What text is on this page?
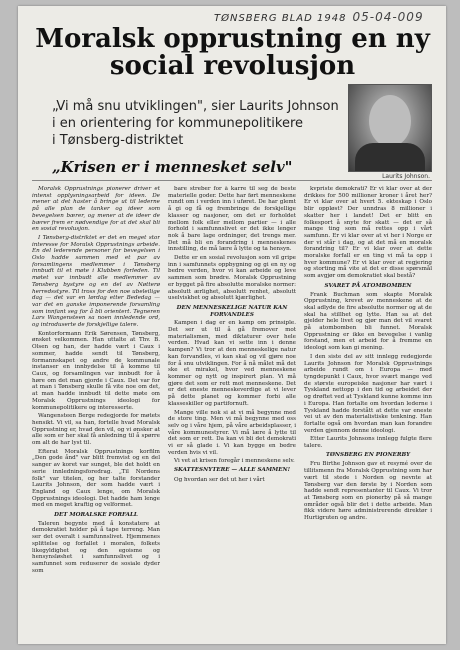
TØNSBERG BLAD 1948 05-04-009
Moralsk opprustning en ny
social revolusjon
„Vi må snu utviklingen", sier Laurits Johnson
i en orientering for kommunepolitikere
i Tønsberg-distriktet
Laurits Johnson.
„Krisen er i mennesket selv"

Moralsk Opprustnings pionerer driver et intenst opplysningsarbeid for ideen. De mener at det haster å bringe ut til lederne på alle plan de tanker og ideer som bevegelsen bærer, og mener at de ideer de bærer frem er nødvendige for at det skal bli en sosial revolusjon.

I Tønsberg-distriktet er det en meget stor interesse for Moralsk Opprustnings arbeide. En del lederende personer for bevegelsen i Oslo hadde sammen med et par av forsamlingens medlemmer i Tønsberg innbudt til et møte i Klubben forleden. Til møtet var innbudt alle medlemmer av Tønsberg bystyre og en del av Nøtterø herredsstyre. Til tross for den noe ubeleilige dag — det var en lørdag etter Bededag — var det en ganske imponerende forsamling som innfant seg for å bli orientert. Tegneren Lars Wangensteen sa noen innledende ord, og introduserte de forskjellige talere.

Kontorformann Erik Sørensen, Tønsberg, ønsket velkommen. Han uttalte at Thv. B. Olsen og han, der hadde vært i Caux i sommer, hadde sendt til Tønsberg, formannskapet og andre de kommunale instanser en innbydelse til å komme til Caux, og forsamlingen var innbudt for å høre om det man gjorde i Caux. Det var for at man i Tønsberg skulle få vite noe om det, at man hadde innbudt til dette møte om Moralsk Opprustnings ideologi for kommunepolitikere og interesserte.

Wangensteen Berge redegjorde for møtets hensikt. Vi vil, sa han, fortelle hvad Moralsk Opprustning er, hvad den vil, og vi ønsker at alle som er her skal få anledning til å spørre om alt de har lyst til.

Efterat Moralsk Opprustnings korfilm „Den gode ånd" var blitt fremvist og en del sanger av koret var sunget, ble det holdt en serie innledningsforedrag. „Til Nordens folk" var titelen, og her talte forstander Laurits Johnson, der som hadde vært i England og Caux lenge, om Moralsk Opprustnings ideologi. Det hadde ham lenge med en meget kraftig og velformet.

DET MORALSKE FORFALL

Taleren begynte med å konstatere at demokratiet holder på å tape terreng. Man ser det overalt i samfunnslivet. Hjemmenes splittelse og forfallet i moralen, folkets likegyldighet og den egoisme og hensynsløshet i samfunnslivet og i samfunnet som reduserer de sosiale dyder som

bare streber for å karre til seg de beste materielle goder. Dette har ført menneskene rundt om i verden inn i uføret. De har glemt å gi og få og frembringe de forskjellige klasser og nasjoner, om det er forholdet mellom folk eller mellom partier — i alle forhold i samfunnslivet er det ikke lenger nok å bare lage ordninger, det trengs mer. Det må bli en forandring i menneskenes innstilling, de må lære å lytte og ta hensyn.

Dette er en sosial revolusjon som vil gripe inn i samfunnets oppbygning og gi en ny og bedre verden, hvor vi kan arbeide og leve sammen som brødre. Moralsk Opprustning er bygget på fire absolutte moralske normer: absolutt ærlighet, absolutt renhet, absolutt uselviskhet og absolutt kjærlighet.

DEN MENNESKELIGE NATUR KAN FORVANDLES

Kampen i dag er en kamp om prinsiple. Det ser ut til å gå fremover mot materialismen, med diktaturer over hele verden. Hvad kan vi sette inn i denne kampen? Vi tror at den menneskelige natur kan forvandles, vi kan skal og vil gjøre noe for å snu utviklingen. For å nå målet må det ske et mirakel, hvor ved menneskene kommer og nytt og inspirert plan. Vi må gjøre det som er rett mot menneskene. Det er det eneste menneskeverdige at vi lever på dette planet og kommer forbi alle klasseskiller og partifornuft.

Mange ville nok si at vi må begynne med de store ting. Men vi må begynne med oss selv og i våre hjem, på våre arbeidsplasser, i våre kommunestyrer. Vi må lære å lytte til det som er rett. Da kan vi bli det demokrati vi er så glade i. Vi kan bygge en bedre verden hvis vi vil.

Vi vet at krisen foregår i menneskene selv.

SKATTESNYTERE — ALLE SAMMEN!

Og hvordan ser det ut her i vårt

kvpriste demokrati? Er vi klar over at der drikkes for 500 millioner kroner i året her? Er vi klar over at hvert 5. ekteskap i Oslo blir oppløst? Der unndras 8 millioner i skatter her i landet! Det er blitt en folkesport å snyte for skatt — det er så mange ting som må rettes opp i vårt samfunn. Er vi klar over at vi her i Norge er der vi står i dag, og at det må en moralsk forandring til? Er vi klar over at dette moralske forfall er en ting vi må ta opp i hver kommune? Er vi klar over at regjering og storting må vite at det er disse spørsmål som avgjør om demokratiet skal bestå?

SVARET PÅ ATOMBOMBEN

Frank Buchman som skapte Moralsk Opprustning, krevet av menneskene at de skal adlyde de fire absolutte normer og at de skal ha stillhet og lytte. Han sa at det gjelder hele livet og gjør man det vil svaret på atombomben bli funnet. Moralsk Opprustning er ikke en bevegelse i vanlig forstand, men et arbeid for å fremme en ideologi som kan gi mening.

I den siste del av sitt innlegg redegjorde Laurits Johnson for Moralsk Opprustnings arbeide rundt om i Europa — med tyngdepunkt i Caux, hvor svært mange ved de største europeiske nasjoner har vært i Tyskland nettopp i den tid og arbeidet der og drøftet ved at Tyskland kunne komme inn i Europa. Han fortalte om hvordan lederne i Tyskland hadde forstått at dette var eneste vei ut av den materialistiske tenkning. Han fortalte også om hvordan man kan forandre verden gjennom denne ideologi.

Etter Laurits Johnsons innlegg fulgte flere talere.

TØNSBERG EN PIONERBY

Fru Birthe Johnson gav et resymé over de tillitsmenn fra Moralsk Opprustning som har vært til stede i Norden og nevnte at Tønsberg var den første by i Norden som hadde sendt representanter til Caux. Vi tror at Tønsberg som en pionerby på så mange områder også blir det i dette arbeide. Man fikk videre høre administrerende direktør i Hurtigruten og andre.
